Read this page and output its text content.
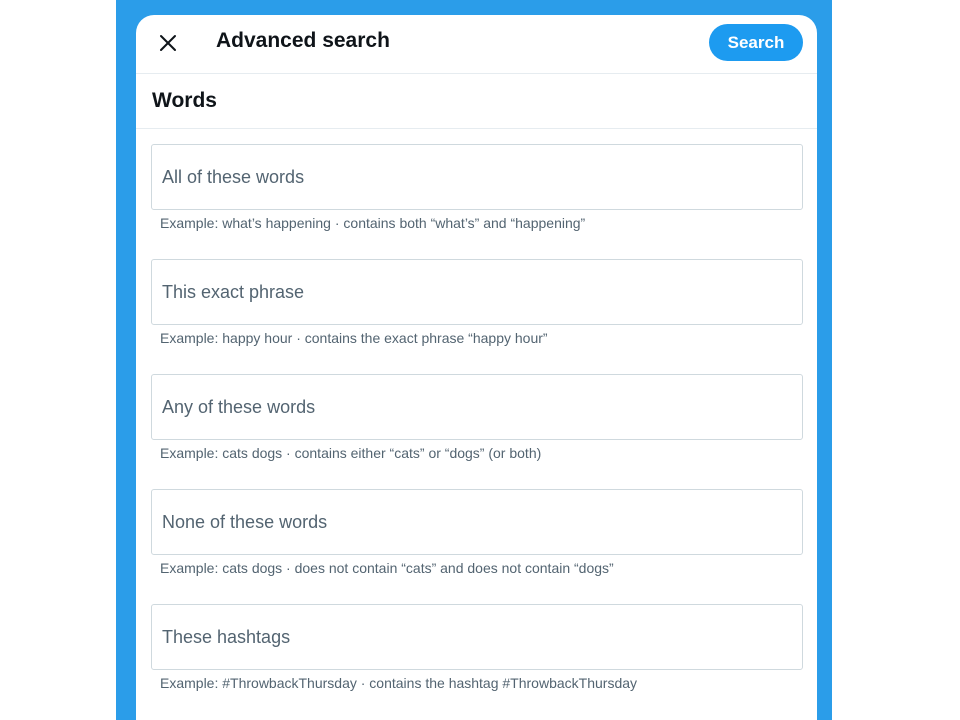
Advanced search	Search
Words
All of these words
Example: what’s happening · contains both “what’s” and “happening”
This exact phrase
Example: happy hour · contains the exact phrase “happy hour”
Any of these words
Example: cats dogs · contains either “cats” or “dogs” (or both)
None of these words
Example: cats dogs · does not contain “cats” and does not contain “dogs”
These hashtags
Example: #ThrowbackThursday · contains the hashtag #ThrowbackThursday
